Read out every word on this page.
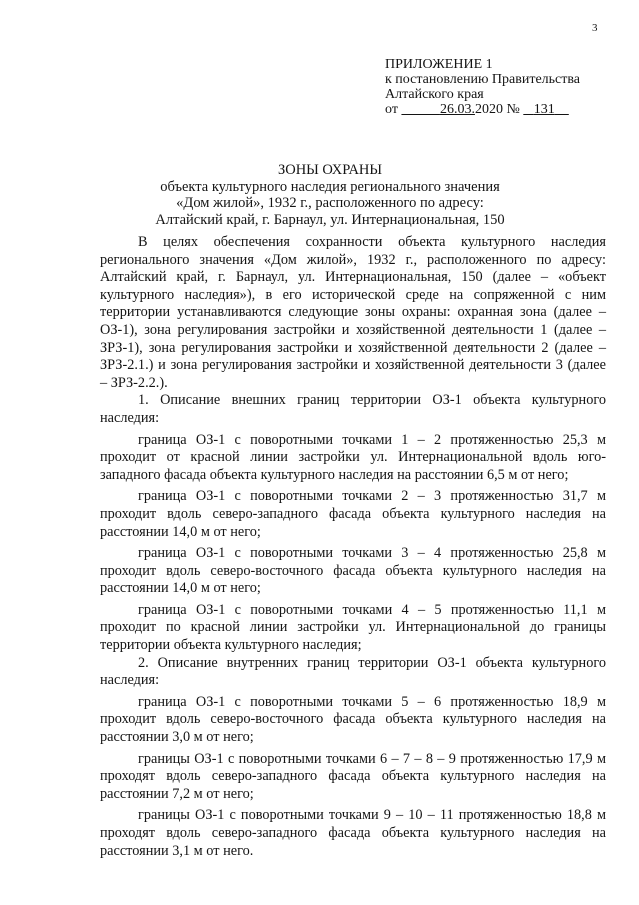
3
ПРИЛОЖЕНИЕ 1
к постановлению Правительства
Алтайского края
от	26.03.2020 № 131
ЗОНЫ ОХРАНЫ
объекта культурного наследия регионального значения
«Дом жилой», 1932 г., расположенного по адресу:
Алтайский край, г. Барнаул, ул. Интернациональная, 150

В целях обеспечения сохранности объекта культурного наследия регионального значения «Дом жилой», 1932 г., расположенного по адресу: Алтайский край, г. Барнаул, ул. Интернациональная, 150 (далее – «объект культурного наследия»), в его исторической среде на сопряженной с ним территории устанавливаются следующие зоны охраны: охранная зона (далее – ОЗ-1), зона регулирования застройки и хозяйственной деятельности 1 (далее – ЗРЗ-1), зона регулирования застройки и хозяйственной деятельности 2 (далее – ЗРЗ-2.1.) и зона регулирования застройки и хозяйственной деятельности 3 (далее – ЗРЗ-2.2.).

1. Описание внешних границ территории ОЗ-1 объекта культурного наследия:

граница ОЗ-1 с поворотными точками 1 – 2 протяженностью 25,3 м проходит от красной линии застройки ул. Интернациональной вдоль юго-западного фасада объекта культурного наследия на расстоянии 6,5 м от него;

граница ОЗ-1 с поворотными точками 2 – 3 протяженностью 31,7 м проходит вдоль северо-западного фасада объекта культурного наследия на расстоянии 14,0 м от него;

граница ОЗ-1 с поворотными точками 3 – 4 протяженностью 25,8 м проходит вдоль северо-восточного фасада объекта культурного наследия на расстоянии 14,0 м от него;

граница ОЗ-1 с поворотными точками 4 – 5 протяженностью 11,1 м проходит по красной линии застройки ул. Интернациональной до границы территории объекта культурного наследия;

2. Описание внутренних границ территории ОЗ-1 объекта культурного наследия:

граница ОЗ-1 с поворотными точками 5 – 6 протяженностью 18,9 м проходит вдоль северо-восточного фасада объекта культурного наследия на расстоянии 3,0 м от него;

границы ОЗ-1 с поворотными точками 6 – 7 – 8 – 9 протяженностью 17,9 м проходят вдоль северо-западного фасада объекта культурного наследия на расстоянии 7,2 м от него;

границы ОЗ-1 с поворотными точками 9 – 10 – 11 протяженностью 18,8 м проходят вдоль северо-западного фасада объекта культурного наследия на расстоянии 3,1 м от него.
